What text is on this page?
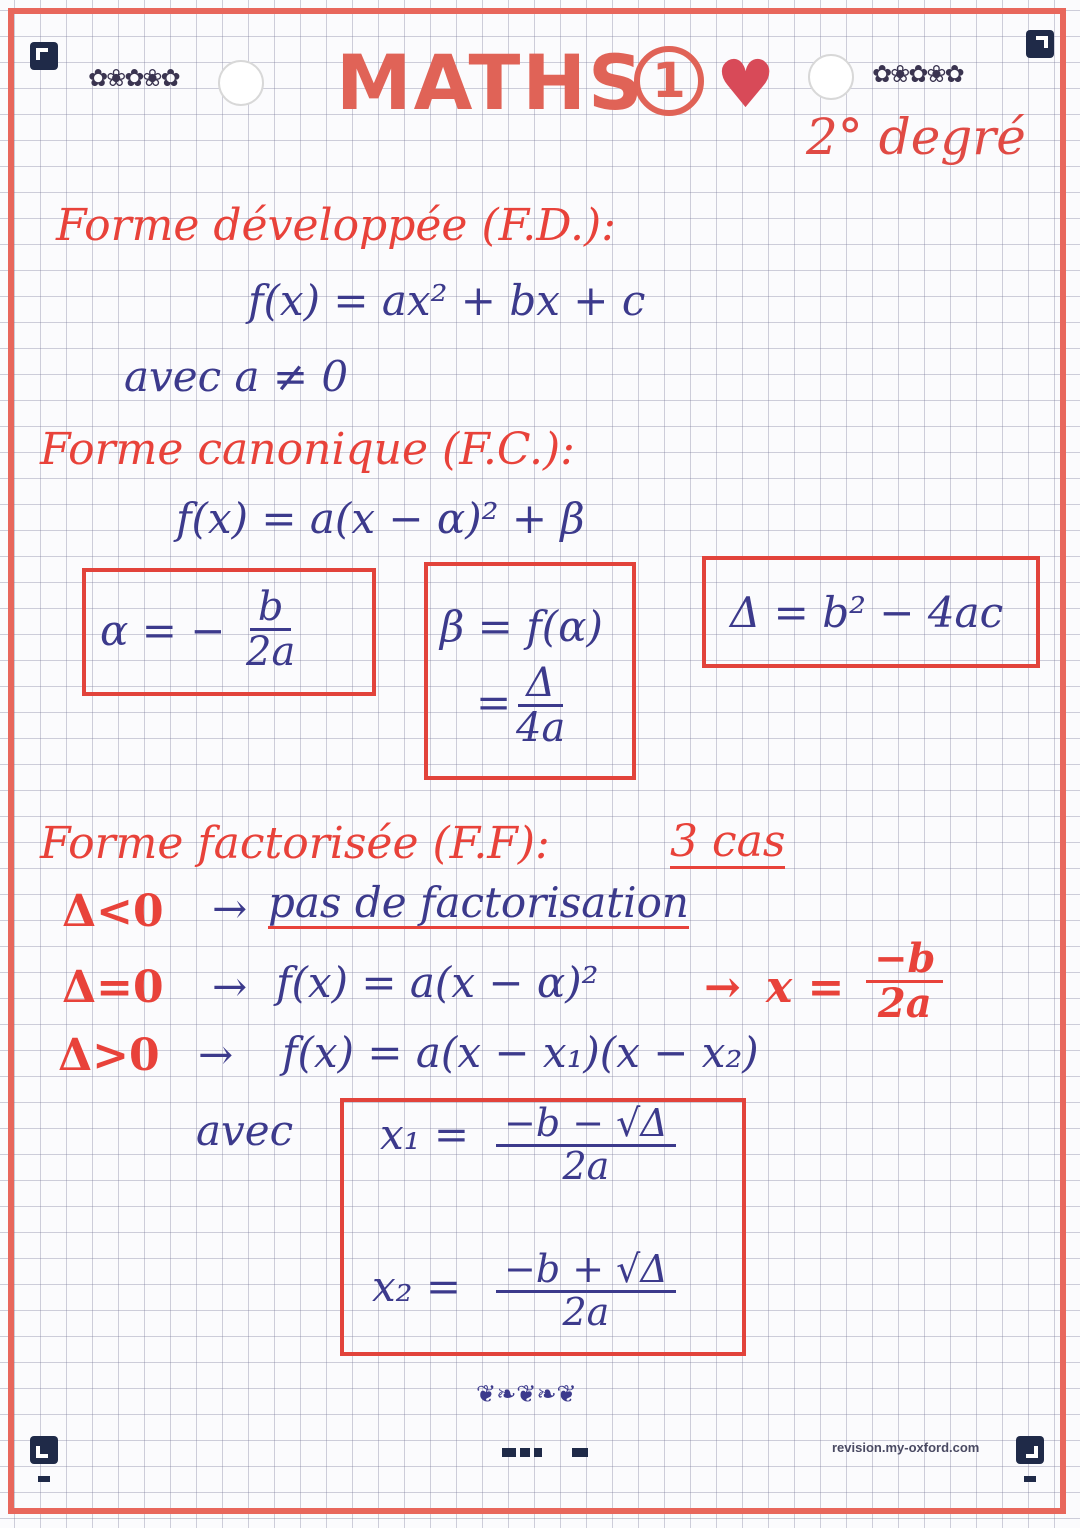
✿❀✿❀✿	✿❀✿❀✿
MATHS 1 ♥
2° degré
Forme développée (F.D.):
f(x) = ax² + bx + c
avec a ≠ 0
Forme canonique (F.C.):
f(x) = a(x − α)² + β
α = − $\frac{b}{2a}$	β = f(α)
= $\frac{\Delta}{4a}$
Δ = b² − 4ac
Forme factorisée (F.F):	3 cas
Δ<0 → pas de factorisation
$\Delta=0 \to f(x) = a(x - \alpha)^2 \to x = \frac{-b}{2a}$
Δ>0 → f(x) = a(x − x₁)(x − x₂)
avec $x_1 = \frac{-b - √\Delta}{2a}$
$x_2 = \frac{-b + √\Delta}{2a}$
❦❧❦❧❦
revision.my-oxford.com
